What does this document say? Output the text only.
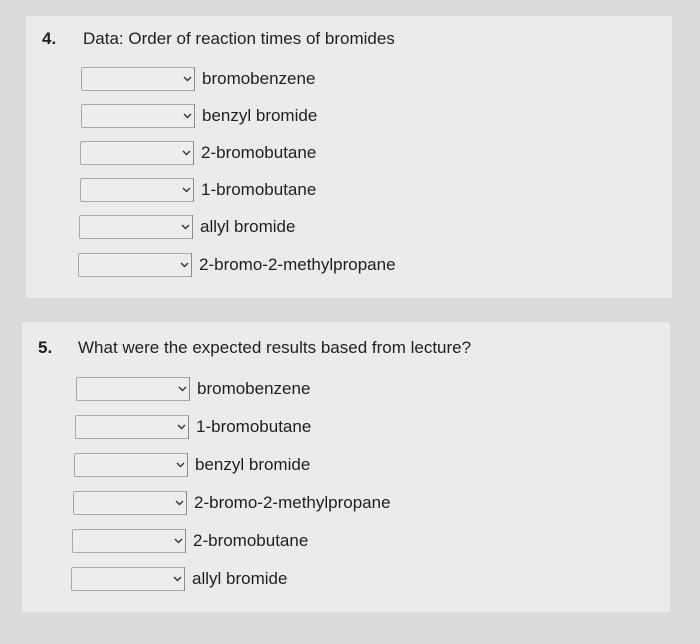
4. Data: Order of reaction times of bromides
bromobenzene
benzyl bromide
2-bromobutane
1-bromobutane
allyl bromide
2-bromo-2-methylpropane
5. What were the expected results based from lecture?
bromobenzene
1-bromobutane
benzyl bromide
2-bromo-2-methylpropane
2-bromobutane
allyl bromide
